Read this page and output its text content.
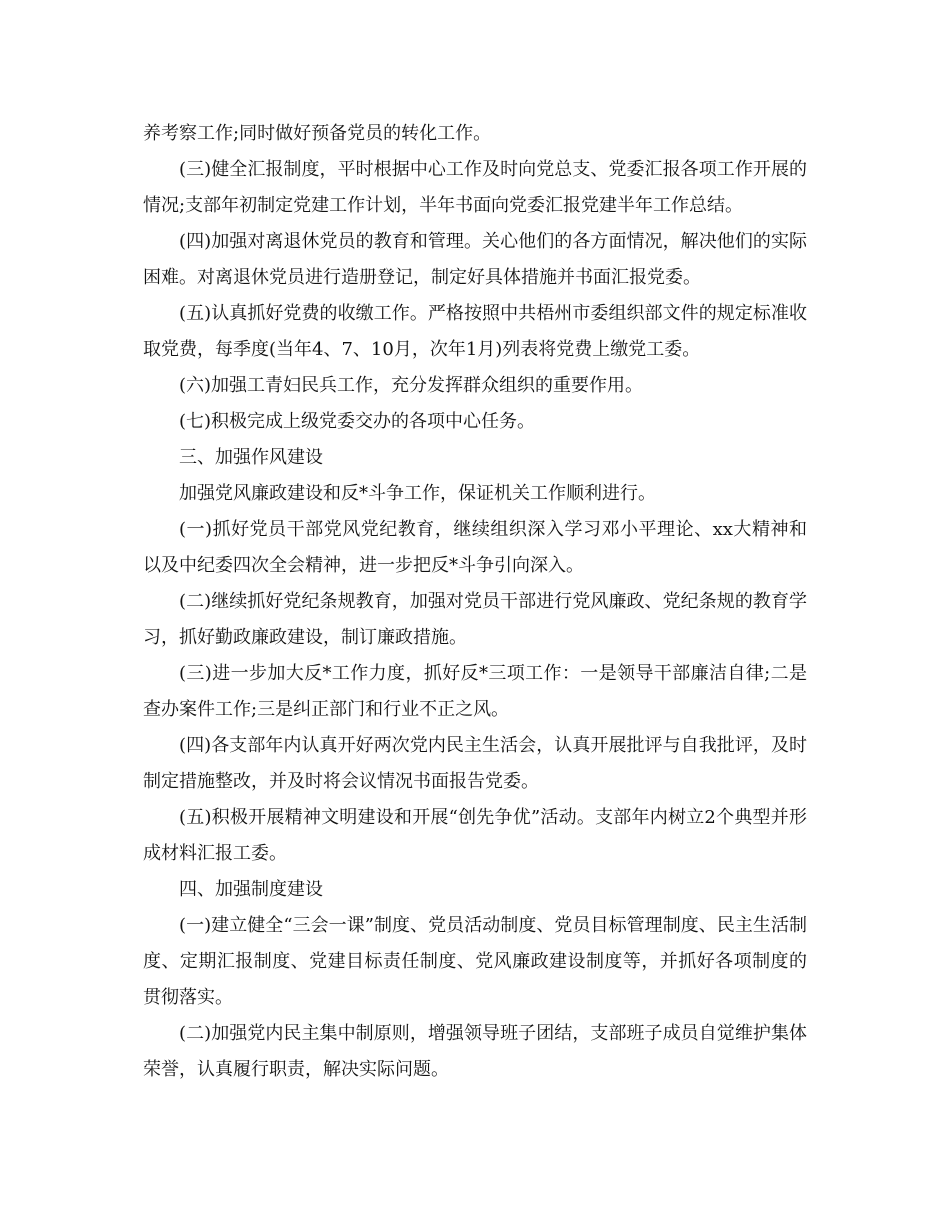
养考察工作;同时做好预备党员的转化工作。

(三)健全汇报制度，平时根据中心工作及时向党总支、党委汇报各项工作开展的情况;支部年初制定党建工作计划，半年书面向党委汇报党建半年工作总结。

(四)加强对离退休党员的教育和管理。关心他们的各方面情况，解决他们的实际困难。对离退休党员进行造册登记，制定好具体措施并书面汇报党委。

(五)认真抓好党费的收缴工作。严格按照中共梧州市委组织部文件的规定标准收取党费，每季度(当年4、7、10月，次年1月)列表将党费上缴党工委。

(六)加强工青妇民兵工作，充分发挥群众组织的重要作用。

(七)积极完成上级党委交办的各项中心任务。

三、加强作风建设

加强党风廉政建设和反*斗争工作，保证机关工作顺利进行。

(一)抓好党员干部党风党纪教育，继续组织深入学习邓小平理论、xx大精神和以及中纪委四次全会精神，进一步把反*斗争引向深入。

(二)继续抓好党纪条规教育，加强对党员干部进行党风廉政、党纪条规的教育学习，抓好勤政廉政建设，制订廉政措施。

(三)进一步加大反*工作力度，抓好反*三项工作：一是领导干部廉洁自律;二是查办案件工作;三是纠正部门和行业不正之风。

(四)各支部年内认真开好两次党内民主生活会，认真开展批评与自我批评，及时制定措施整改，并及时将会议情况书面报告党委。

(五)积极开展精神文明建设和开展“创先争优”活动。支部年内树立2个典型并形成材料汇报工委。

四、加强制度建设

(一)建立健全“三会一课”制度、党员活动制度、党员目标管理制度、民主生活制度、定期汇报制度、党建目标责任制度、党风廉政建设制度等，并抓好各项制度的贯彻落实。

(二)加强党内民主集中制原则，增强领导班子团结，支部班子成员自觉维护集体荣誉，认真履行职责，解决实际问题。
